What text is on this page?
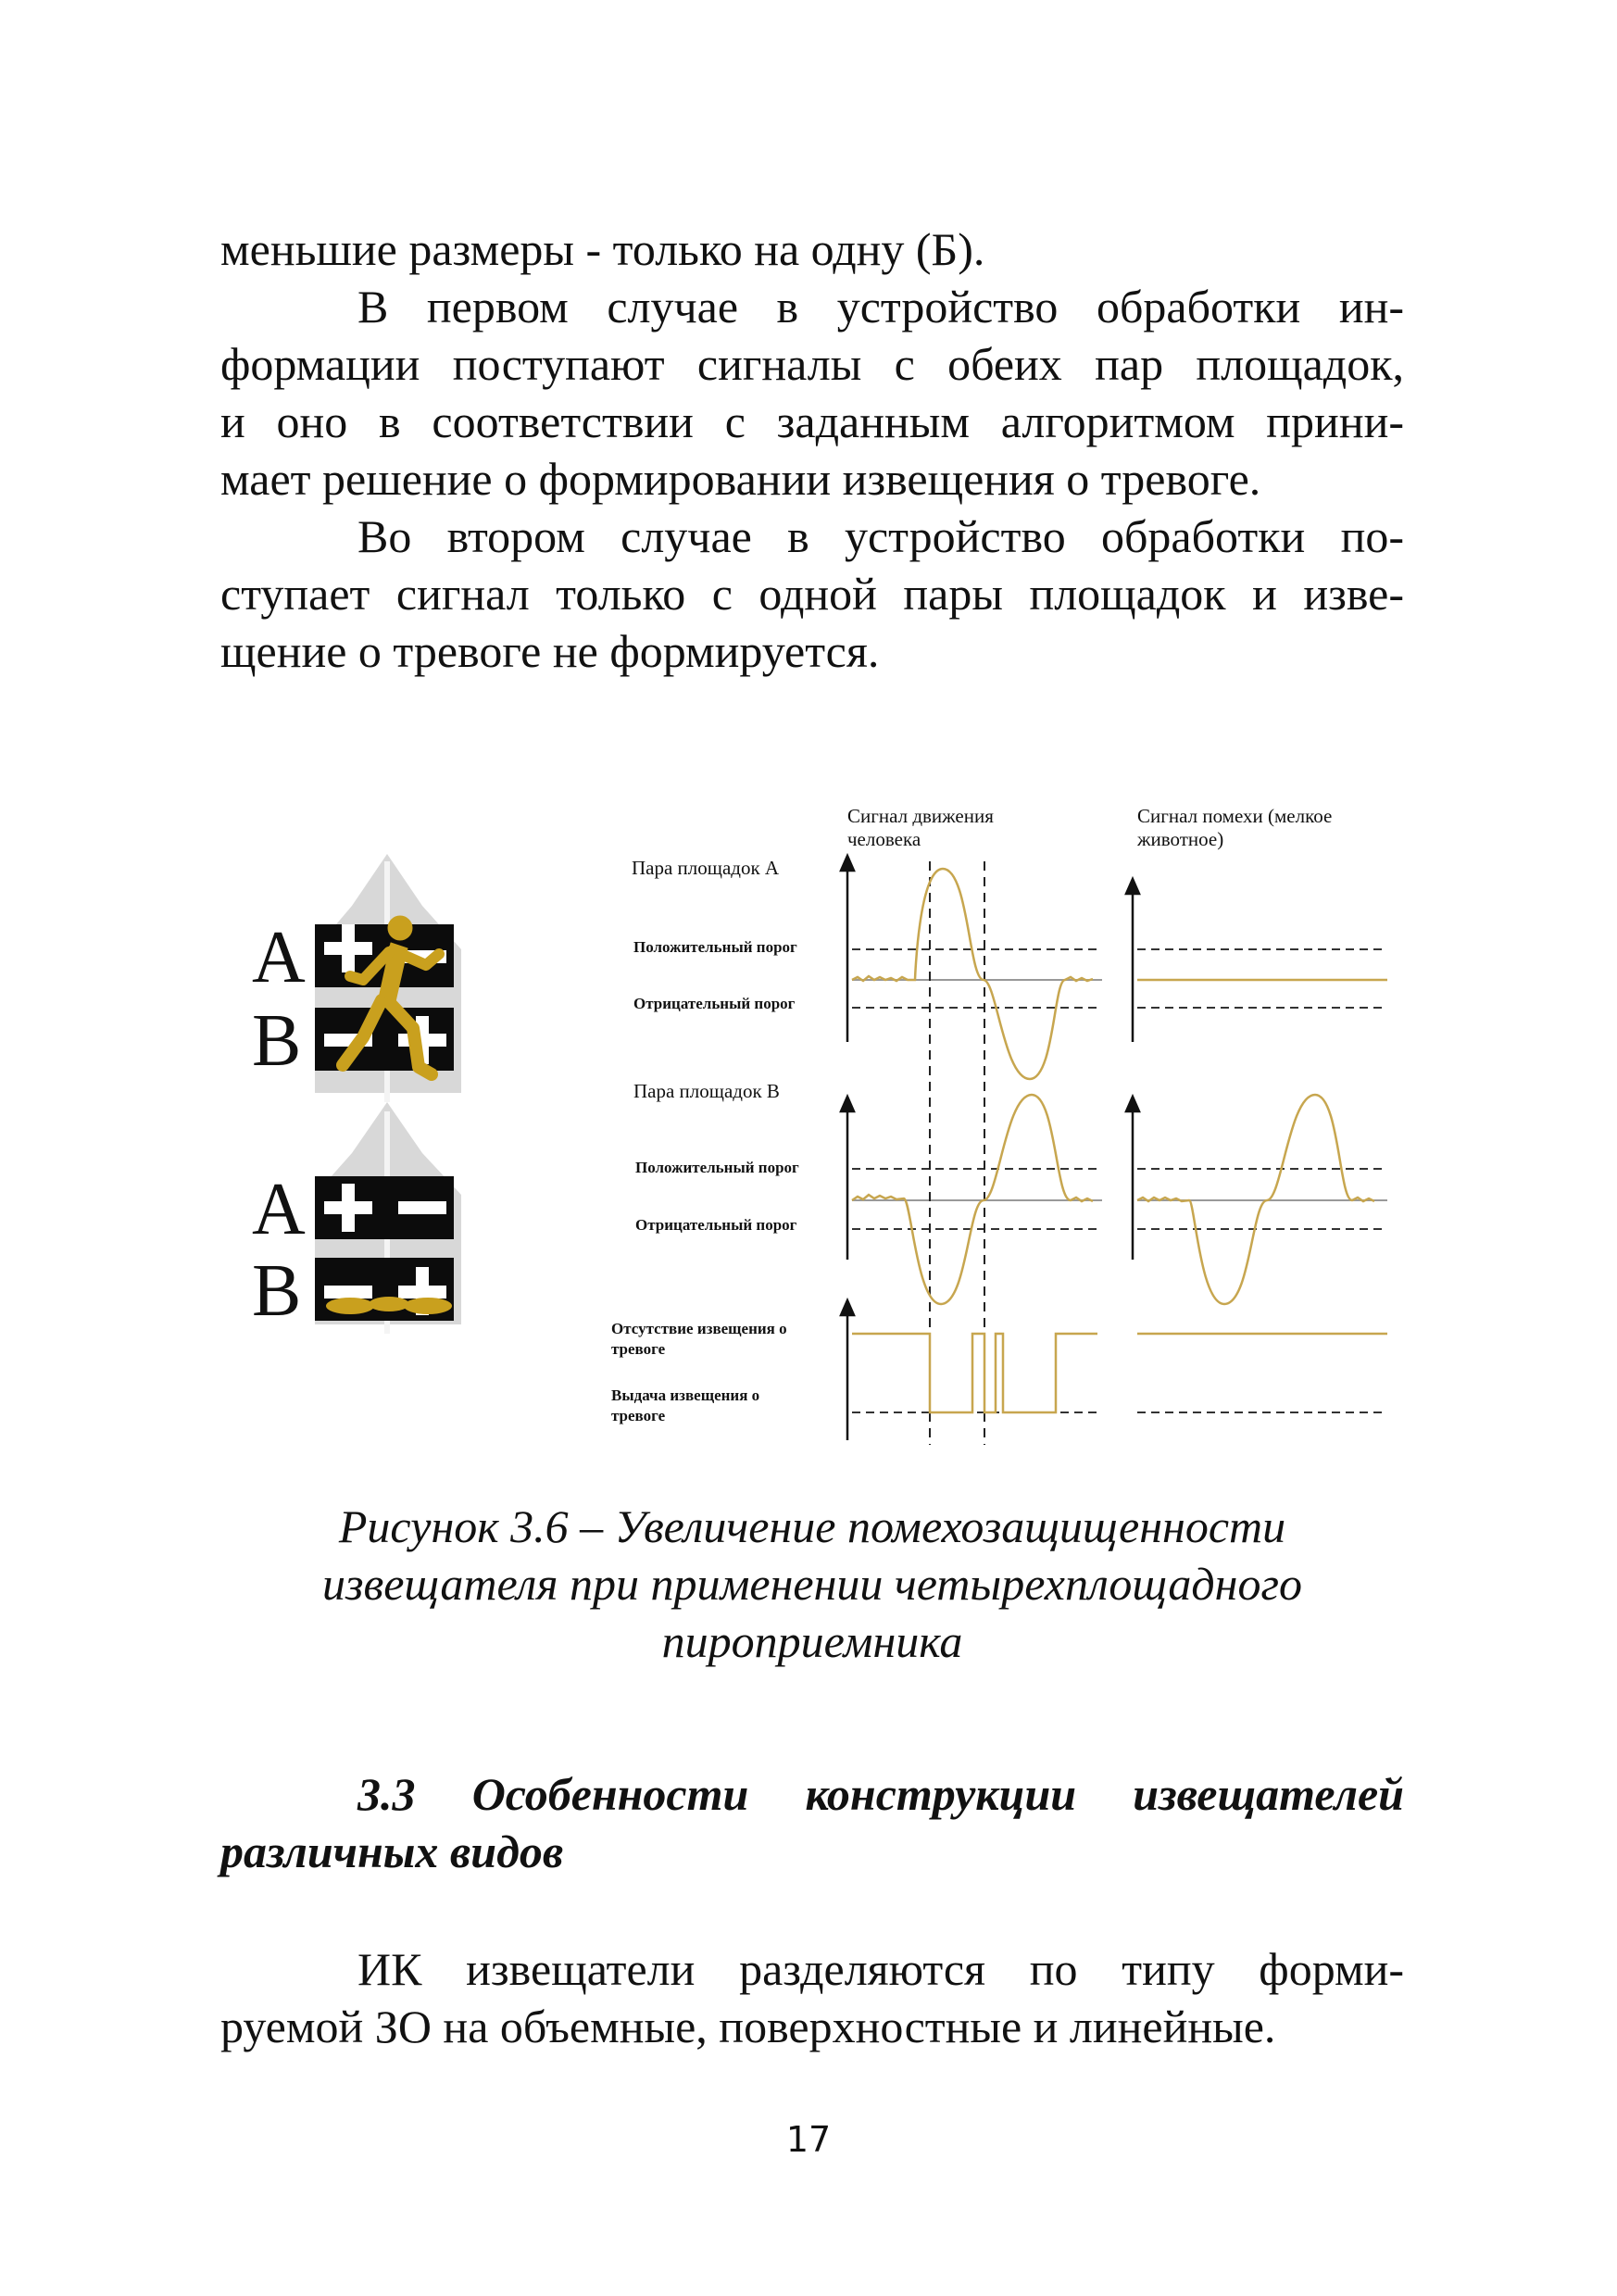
меньшие размеры - только на одну (Б).
В первом случае в устройство обработки ин-
формации поступают сигналы с обеих пар площадок,
и оно в соответствии с заданным алгоритмом прини-
мает решение о формировании извещения о тревоге.
Во втором случае в устройство обработки по-
ступает сигнал только с одной пары площадок и изве-
щение о тревоге не формируется.
A
B
A
B
Сигнал движения человека
Сигнал помехи (мелкое животное)
Пара площадок А
Положительный порог
Отрицательный порог
Пара площадок В
Положительный порог
Отрицательный порог
Отсутствие извещения о тревоге
Выдача извещения о тревоге
Рисунок 3.6 – Увеличение помехозащищенности
извещателя при применении четырехплощадного
пироприемника
3.3 Особенности конструкции извещателей
различных видов
ИК извещатели разделяются по типу форми-
руемой ЗО на объемные, поверхностные и линейные.
17
